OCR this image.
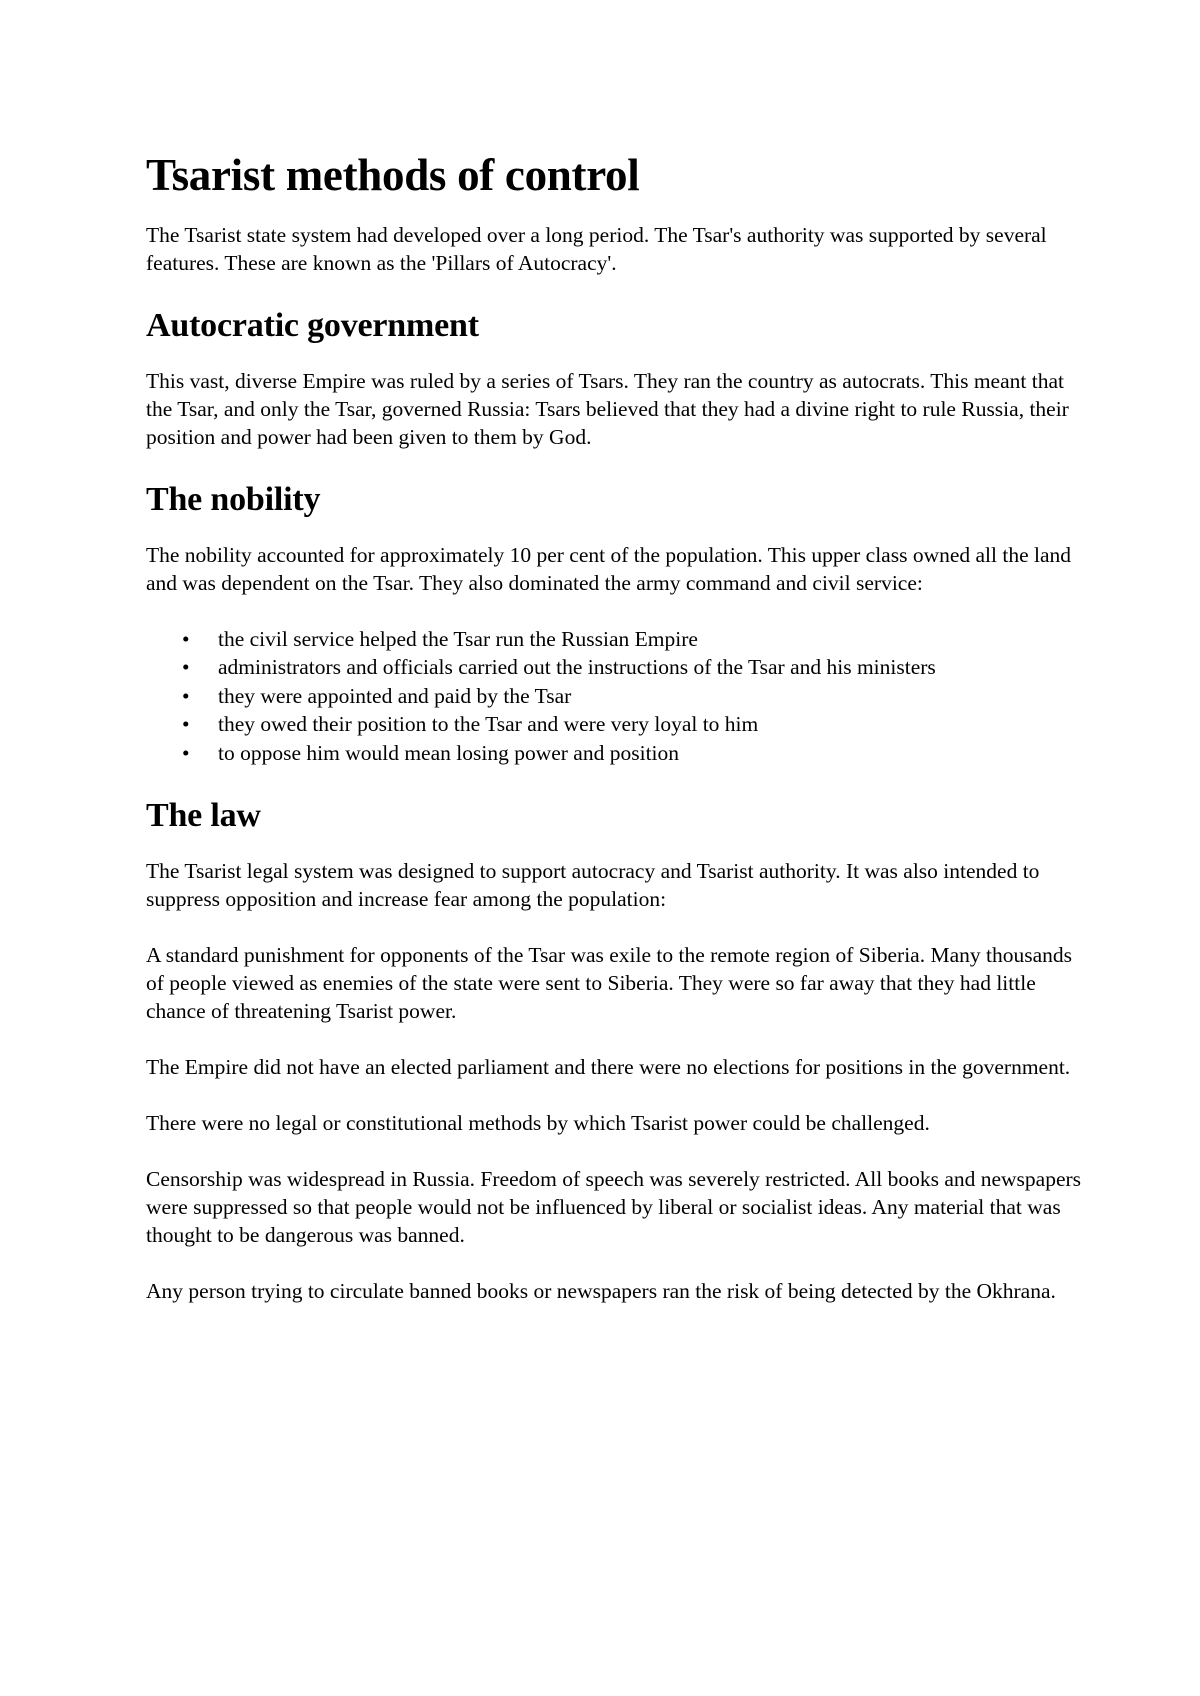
Tsarist methods of control

The Tsarist state system had developed over a long period. The Tsar's authority was supported by several features. These are known as the 'Pillars of Autocracy'.

Autocratic government

This vast, diverse Empire was ruled by a series of Tsars. They ran the country as autocrats. This meant that the Tsar, and only the Tsar, governed Russia: Tsars believed that they had a divine right to rule Russia, their position and power had been given to them by God.

The nobility

The nobility accounted for approximately 10 per cent of the population. This upper class owned all the land and was dependent on the Tsar. They also dominated the army command and civil service:

• the civil service helped the Tsar run the Russian Empire
• administrators and officials carried out the instructions of the Tsar and his ministers
• they were appointed and paid by the Tsar
• they owed their position to the Tsar and were very loyal to him
• to oppose him would mean losing power and position
The law

The Tsarist legal system was designed to support autocracy and Tsarist authority. It was also intended to suppress opposition and increase fear among the population:

A standard punishment for opponents of the Tsar was exile to the remote region of Siberia. Many thousands of people viewed as enemies of the state were sent to Siberia. They were so far away that they had little chance of threatening Tsarist power.

The Empire did not have an elected parliament and there were no elections for positions in the government.

There were no legal or constitutional methods by which Tsarist power could be challenged.

Censorship was widespread in Russia. Freedom of speech was severely restricted. All books and newspapers were suppressed so that people would not be influenced by liberal or socialist ideas. Any material that was thought to be dangerous was banned.

Any person trying to circulate banned books or newspapers ran the risk of being detected by the Okhrana.
